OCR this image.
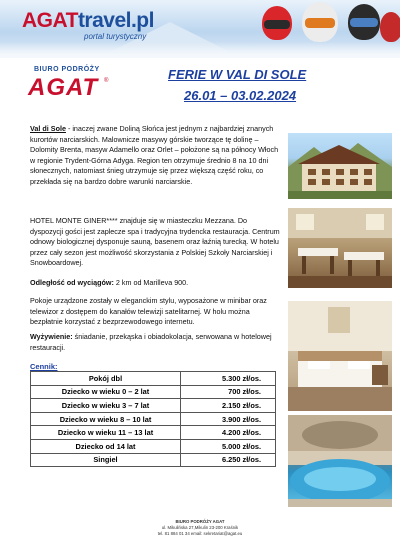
AGATtravel.pl
portal turystyczny
BIURO PODRÓŻY
AGAT ®	FERIE W VAL DI SOLE
26.01 – 03.02.2024
Val di Sole - inaczej zwane Doliną Słońca jest jednym z najbardziej znanych kurortów narciarskich. Malownicze masywy górskie tworzące tę dolinę – Dolomity Brenta, masyw Adamello oraz Orlet – położone są na północy Włoch w regionie Trydent-Górna Adyga. Region ten otrzymuje średnio 8 na 10 dni słonecznych, natomiast śnieg utrzymuje się przez większą część roku, co przekłada się na bardzo dobre warunki narciarskie.
HOTEL MONTE GINER**** znajduje się w miasteczku Mezzana. Do dyspozycji gości jest zaplecze spa i tradycyjna trydencka restauracja. Centrum odnowy biologicznej dysponuje sauną, basenem oraz łaźnią turecką. W hotelu przez cały sezon jest możliwość skorzystania z Polskiej Szkoły Narciarskiej i Snowboardowej.
Odległość od wyciągów: 2 km od Marilleva 900.
Pokoje urządzone zostały w eleganckim stylu, wyposażone w minibar oraz telewizor z dostępem do kanałów telewizji satelitarnej. W holu można bezpłatnie korzystać z bezprzewodowego internetu.
Wyżywienie: śniadanie, przekąska i obiadokolacja, serwowana w hotelowej restauracji.
Cennik:
Pokój dbl	5.300 zł/os.
Dziecko w wieku 0 – 2 lat	700 zł/os.
Dziecko w wieku 3 – 7 lat	2.150 zł/os.
Dziecko w wieku 8 – 10 lat	3.900 zł/os.
Dziecko w wieku 11 – 13 lat	4.200 zł/os.
Dziecko od 14 lat	5.000 zł/os.
Singiel	6.250 zł/os.
BIURO PODRÓŻY AGAT
ul. Mikulińska 27,Mikulin 23-200 Kraśnik
tel. 81 884 01 34 email: sekretariat@agat.eu
